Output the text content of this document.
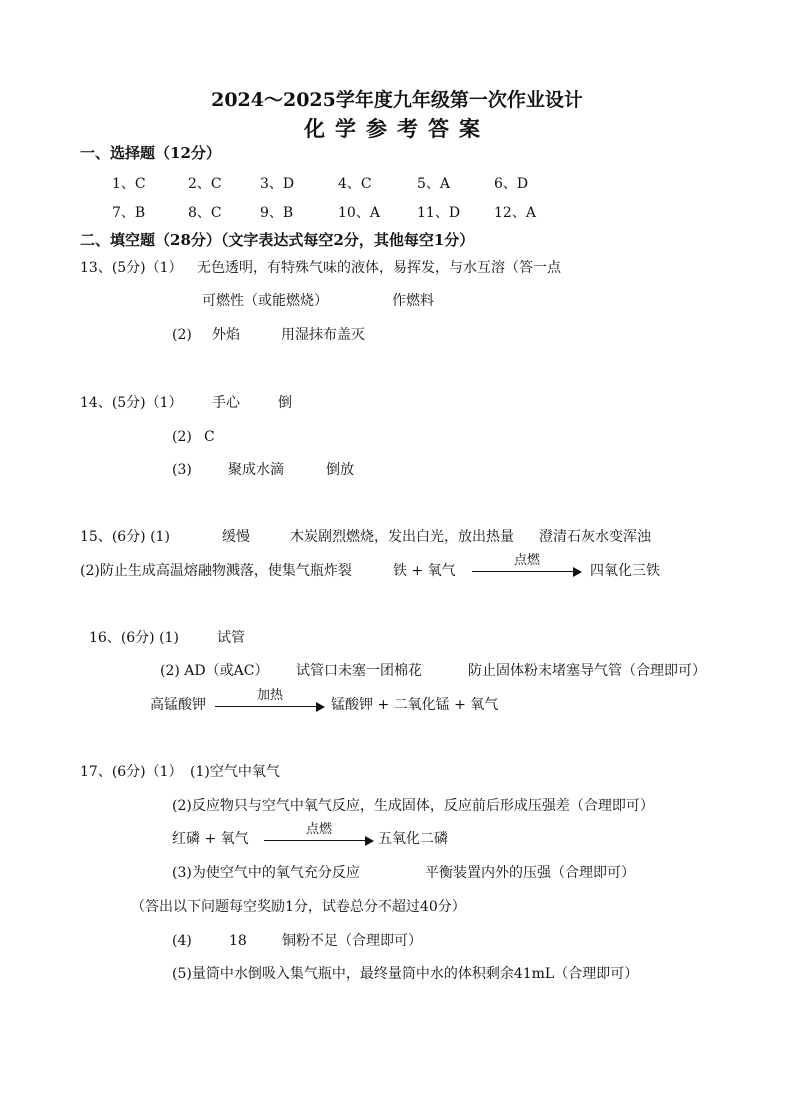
2024～2025学年度九年级第一次作业设计
化学参考答案
一、选择题（12分）
1、C	2、C	3、D	4、C	5、A	6、D
7、B	8、C	9、B	10、A	11、D 12、A
二、填空题（28分）（文字表达式每空2分，其他每空1分）
13、(5分)（1） 无色透明，有特殊气味的液体，易挥发，与水互溶（答一点
可燃性（或能燃烧）	作燃料
(2) 外焰	用湿抹布盖灭
14、(5分)（1） 手心	倒
(2) C
(3)	聚成水滴	倒放
15、(6分) (1)	缓慢	木炭剧烈燃烧，发出白光，放出热量 澄清石灰水变浑浊
(2)防止生成高温熔融物溅落，使集气瓶炸裂	铁 + 氧气
点燃
四氧化三铁
16、(6分) (1)	试管
(2) AD（或AC） 试管口未塞一团棉花	防止固体粉末堵塞导气管（合理即可）
高锰酸钾
加热
锰酸钾 + 二氧化锰 + 氧气
17、(6分)（1） (1)空气中氧气
(2)反应物只与空气中氧气反应，生成固体，反应前后形成压强差（合理即可）
红磷 + 氧气
点燃
五氧化二磷
(3)为使空气中的氧气充分反应	平衡装置内外的压强（合理即可）
（答出以下问题每空奖励1分，试卷总分不超过40分）
(4)	18	铜粉不足（合理即可）
(5)量筒中水倒吸入集气瓶中，最终量筒中水的体积剩余41mL（合理即可）
